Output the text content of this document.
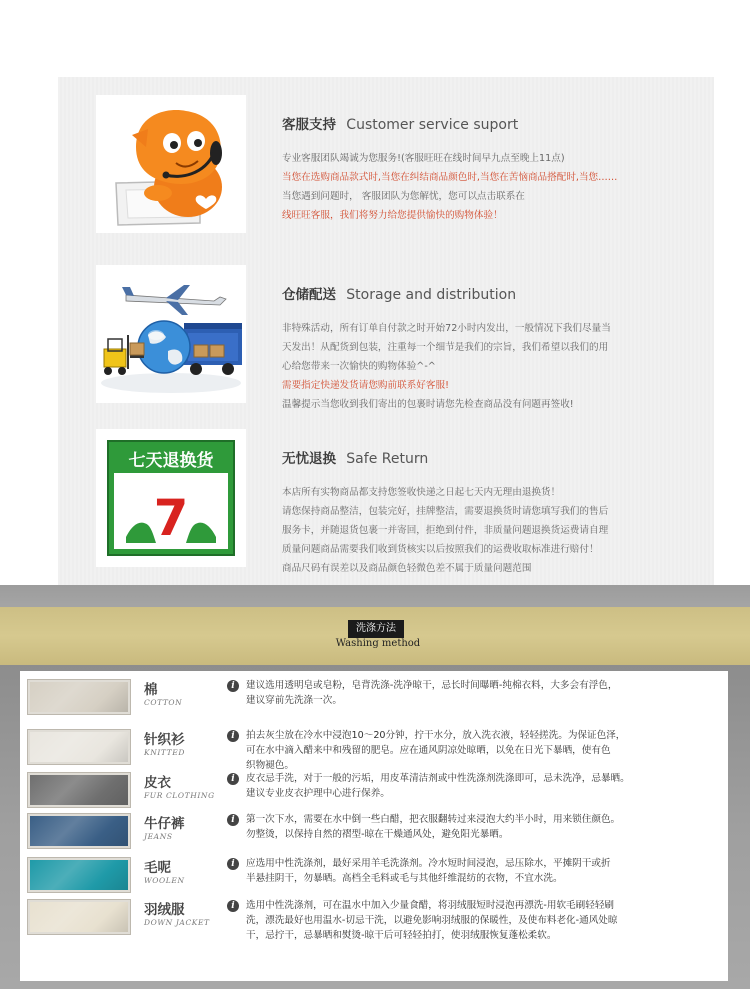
客服支持 Customer service suport
专业客服团队竭诚为您服务!(客服旺旺在线时间早九点至晚上11点)
当您在选购商品款式时,当您在纠结商品颜色时,当您在苦恼商品搭配时,当您……
当您遇到问题时， 客服团队为您解忧，您可以点击联系在
线旺旺客服，我们将努力给您提供愉快的购物体验！
仓储配送 Storage and distribution
非特殊活动，所有订单自付款之时开始72小时内发出，一般情况下我们尽量当
天发出！从配货到包装，注重每一个细节是我们的宗旨，我们希望以我们的用
心给您带来一次愉快的购物体验^-^
需要指定快递发货请您购前联系好客服!
温馨提示当您收到我们寄出的包裹时请您先检查商品没有问题再签收!
七天退换货
7
无忧退换 Safe Return
本店所有实物商品都支持您签收快递之日起七天内无理由退换货！
请您保持商品整洁，包装完好，挂牌整洁，需要退换货时请您填写我们的售后
服务卡，并随退货包裹一并寄回，拒绝到付件，非质量问题退换货运费请自理
质量问题商品需要我们收到货核实以后按照我们的运费收取标准进行赔付！
商品尺码有误差以及商品颜色轻微色差不属于质量问题范围
洗涤方法
Washing method
棉
COTTON
i	建议选用透明皂或皂粉，皂背洗涤-洗净晾干，忌长时间曝晒-纯棉衣料，大多会有浮色，
建议穿前先洗涤一次。
针织衫
KNITTED
i	拍去灰尘放在冷水中浸泡10～20分钟，拧干水分，放入洗衣液，轻轻搓洗。为保证色泽，
可在水中滴入醋来中和残留的肥皂。应在通风阴凉处晾晒，以免在日光下暴晒，使有色
织物褪色。
皮衣
FUR CLOTHING
i	皮衣忌手洗，对于一般的污垢，用皮革清洁剂或中性洗涤剂洗涤即可，忌未洗净，忌暴晒。
建议专业皮衣护理中心进行保养。
牛仔裤
JEANS
i	第一次下水，需要在水中倒一些白醋，把衣服翻转过来浸泡大约半小时，用来锁住颜色。
勿整烫，以保持自然的褶型-晾在干燥通风处，避免阳光暴晒。
毛呢
WOOLEN
i	应选用中性洗涤剂，最好采用羊毛洗涤剂。冷水短时间浸泡，忌压除水，平摊阴干或折
半悬挂阴干，勿暴晒。高档全毛料或毛与其他纤维混纺的衣物，不宜水洗。
羽绒服
DOWN JACKET
i	选用中性洗涤剂，可在温水中加入少量食醋，将羽绒服短时浸泡再漂洗-用软毛刷轻轻刷
洗，漂洗最好也用温水-切忌干洗，以避免影响羽绒服的保暖性，及使布料老化-通风处晾
干，忌拧干，忌暴晒和熨烫-晾干后可轻轻拍打，使羽绒服恢复蓬松柔软。
